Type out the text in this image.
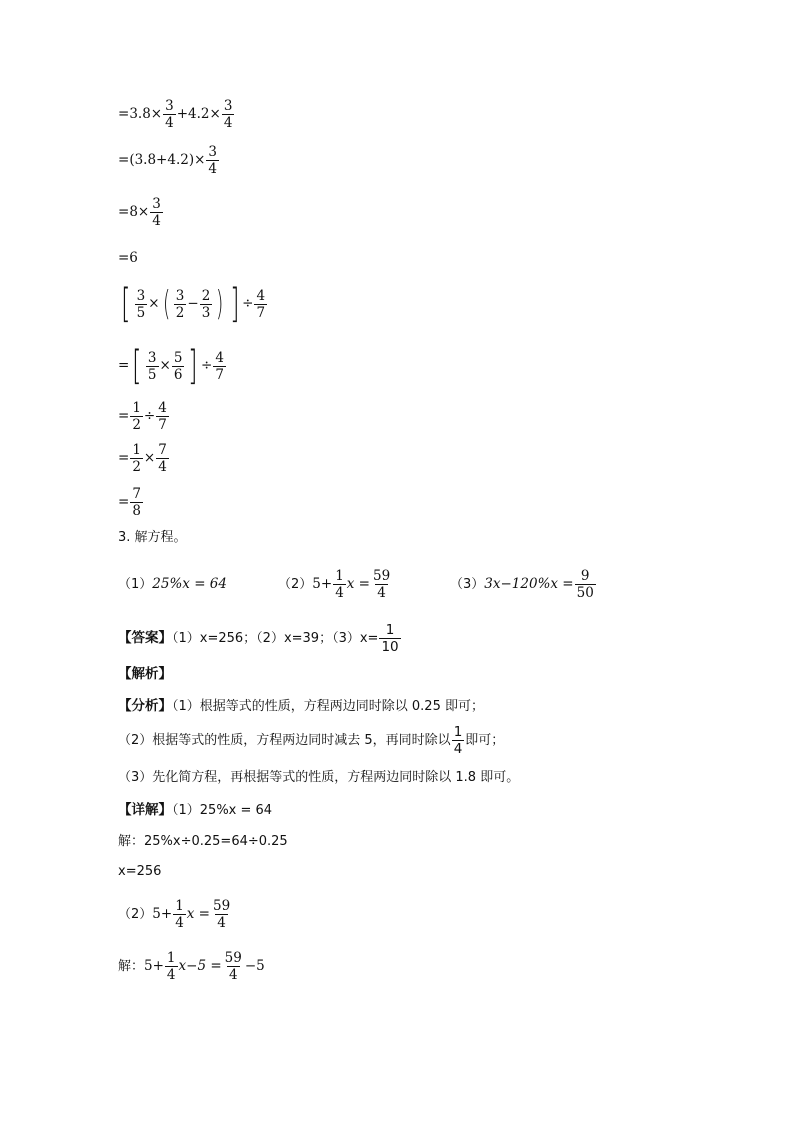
$=3.8\times \frac{3}{4} +4.2\times \frac{3}{4}$
$=(3.8+4.2)\times \frac{3}{4}$
$=8\times \frac{3}{4}$
=6
[ $\frac{3}{5}$ ×( $\frac{3}{2} - \frac{2}{3}$ ) ] ÷ $\frac{4}{7}$
=[ $\frac{3}{5} \times \frac{5}{6}$ ] ÷ $\frac{4}{7}$
= $\frac{1}{2} \div \frac{4}{7}$
= $\frac{1}{2} \times \frac{7}{4}$
= $\frac{7}{8}$
3. 解方程。
（1）25%x = 64	$(2)5+ \frac{1}{4}$ $x = \frac{59}{4}$	$(3)3x-120\%x = \frac{9}{50}$
【答案】（1）x=256；（2）x=39；$(3)x= \frac{1}{10}$
【解析】
【分析】（1）根据等式的性质，方程两边同时除以 0.25 即可；
（2）根据等式的性质，方程两边同时减去 5，再同时除以 $\frac{1}{4}$ 即可；
（3）先化简方程，再根据等式的性质，方程两边同时除以 1.8 即可。
【详解】（1）25%x = 64
解：25%x÷0.25=64÷0.25
x=256
$(2)5+ \frac{1}{4}$ $x = \frac{59}{4}$
解：$5+ \frac{1}{4} x-5 = \frac{59}{4} -5$
